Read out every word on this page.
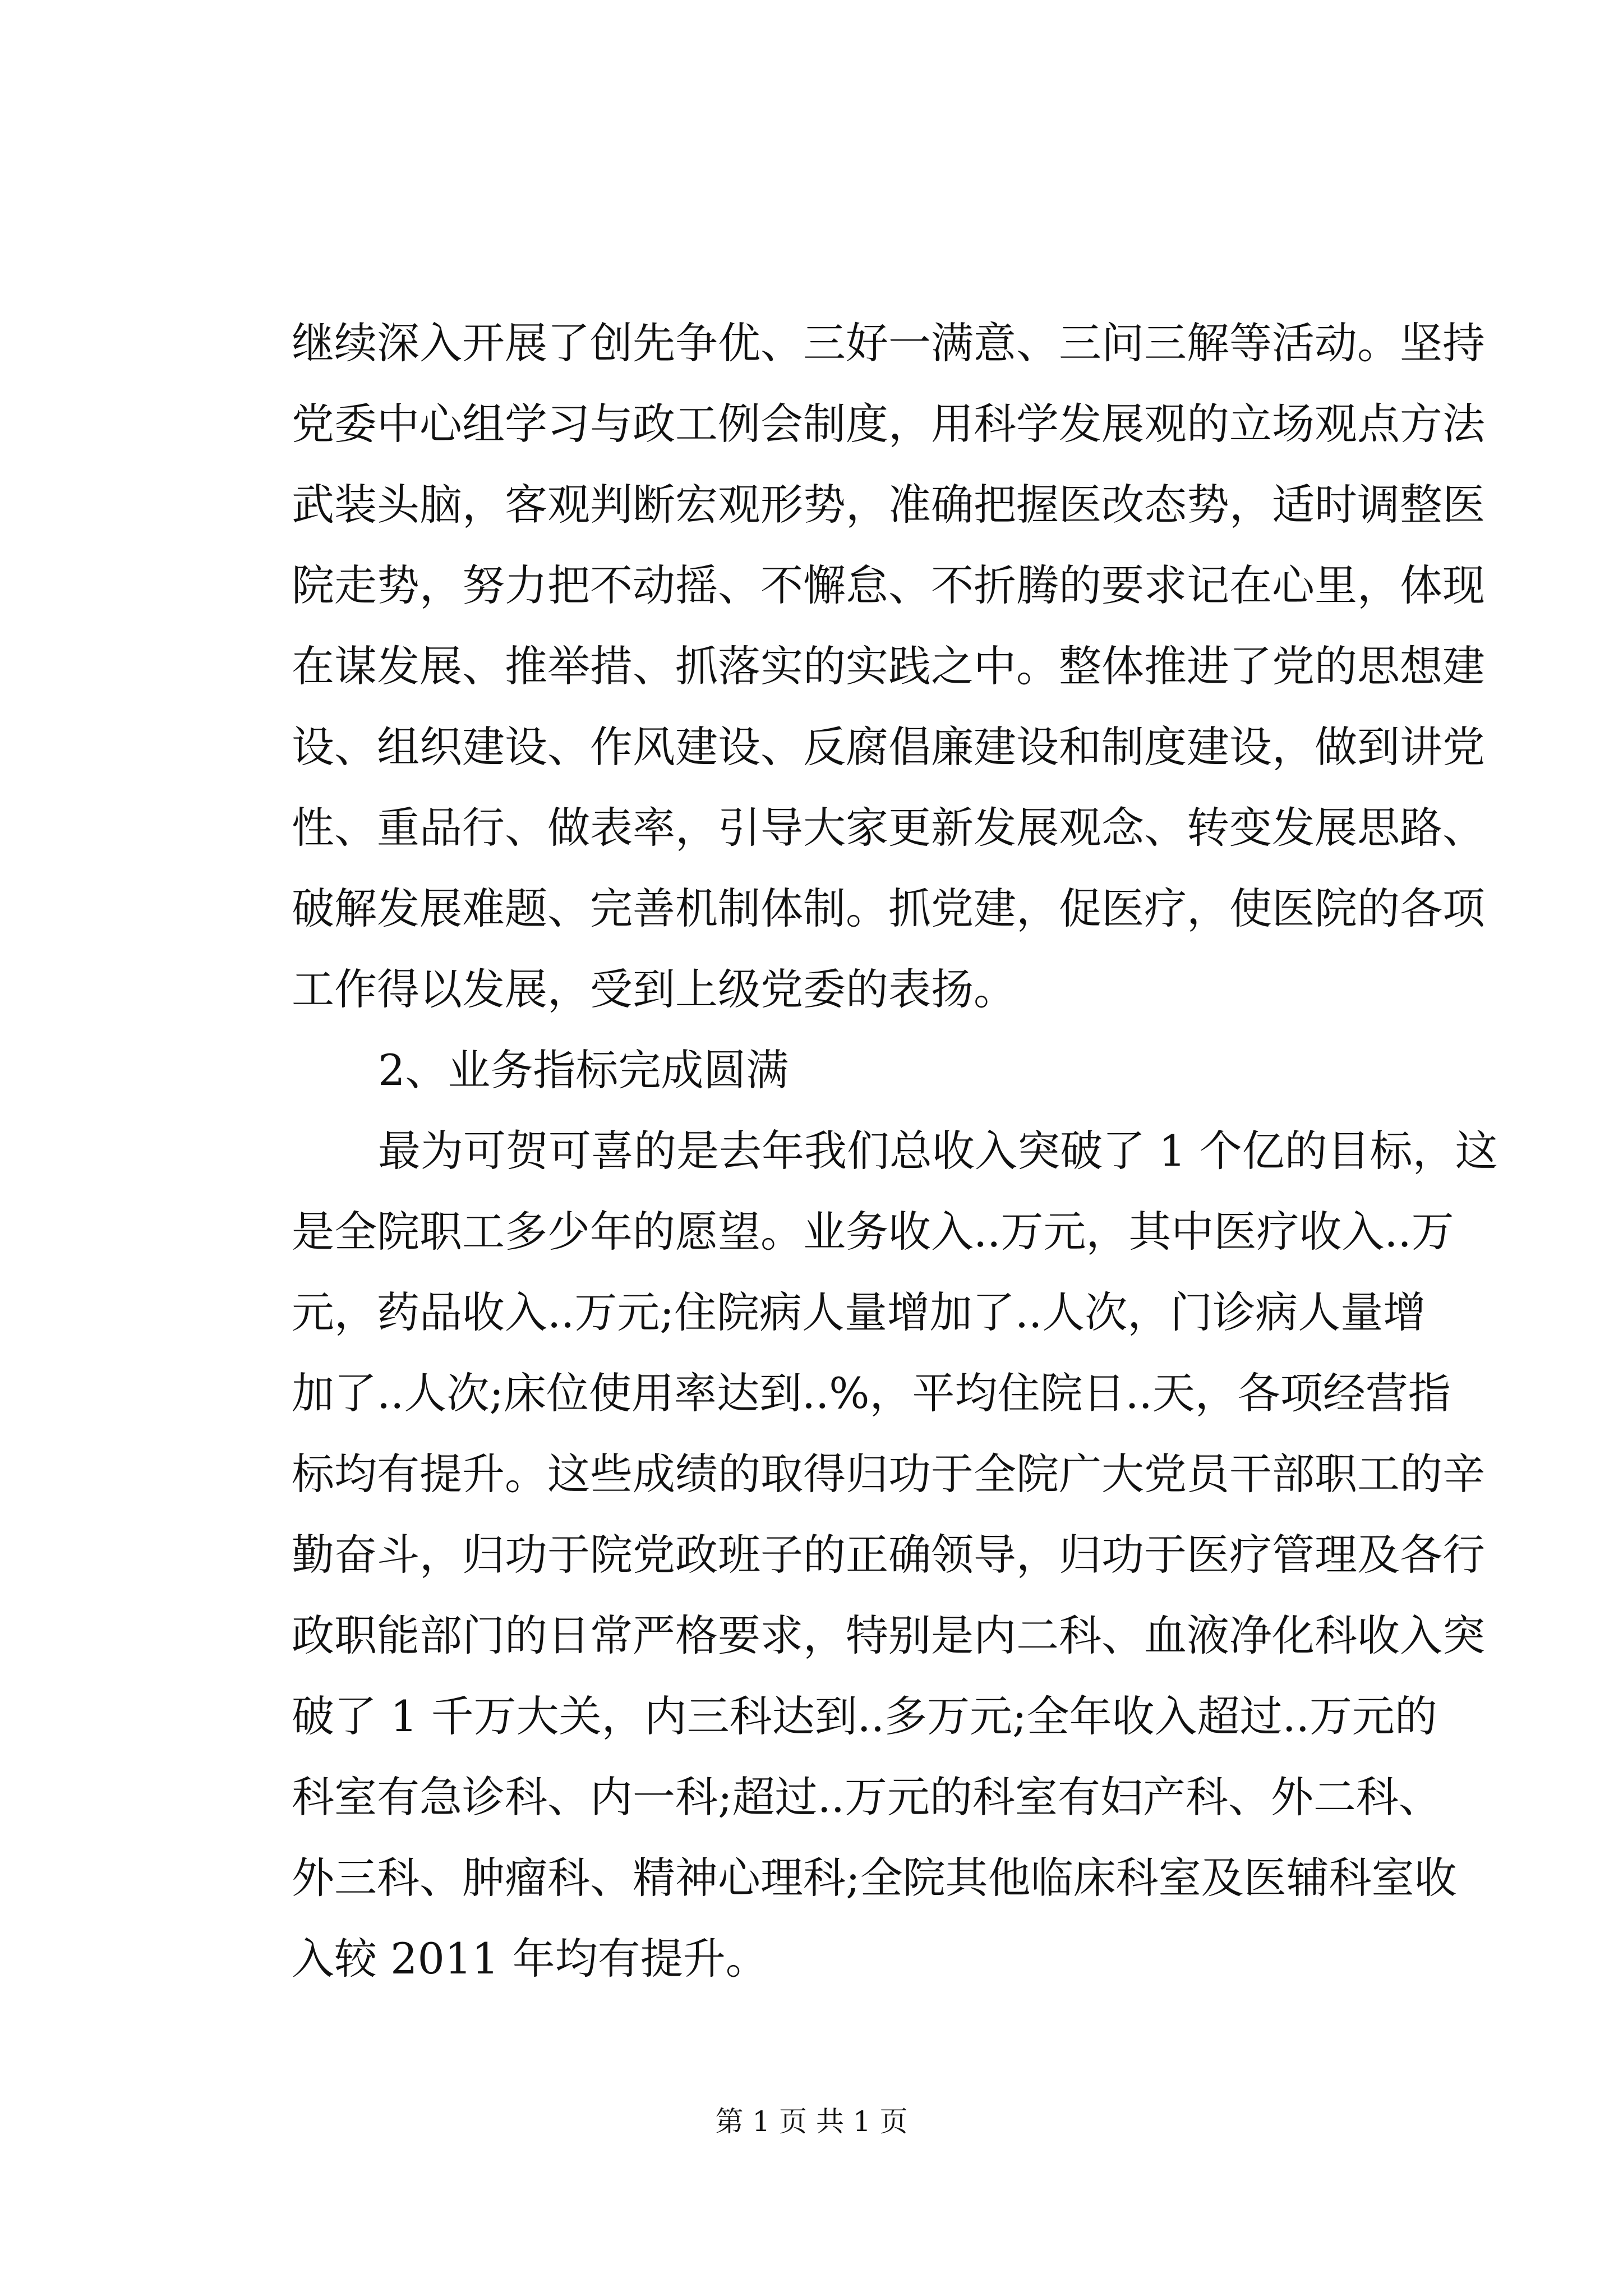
继续深入开展了创先争优、三好一满意、三问三解等活动。坚持
党委中心组学习与政工例会制度，用科学发展观的立场观点方法
武装头脑，客观判断宏观形势，准确把握医改态势，适时调整医
院走势，努力把不动摇、不懈怠、不折腾的要求记在心里，体现
在谋发展、推举措、抓落实的实践之中。整体推进了党的思想建
设、组织建设、作风建设、反腐倡廉建设和制度建设，做到讲党
性、重品行、做表率，引导大家更新发展观念、转变发展思路、
破解发展难题、完善机制体制。抓党建，促医疗，使医院的各项
工作得以发展，受到上级党委的表扬。
2、业务指标完成圆满
最为可贺可喜的是去年我们总收入突破了 1 个亿的目标，这
是全院职工多少年的愿望。业务收入..万元，其中医疗收入..万
元，药品收入..万元;住院病人量增加了..人次，门诊病人量增
加了..人次;床位使用率达到..%，平均住院日..天，各项经营指
标均有提升。这些成绩的取得归功于全院广大党员干部职工的辛
勤奋斗，归功于院党政班子的正确领导，归功于医疗管理及各行
政职能部门的日常严格要求，特别是内二科、血液净化科收入突
破了 1 千万大关，内三科达到..多万元;全年收入超过..万元的
科室有急诊科、内一科;超过..万元的科室有妇产科、外二科、
外三科、肿瘤科、精神心理科;全院其他临床科室及医辅科室收
入较 2011 年均有提升。
第 1 页 共 1 页
